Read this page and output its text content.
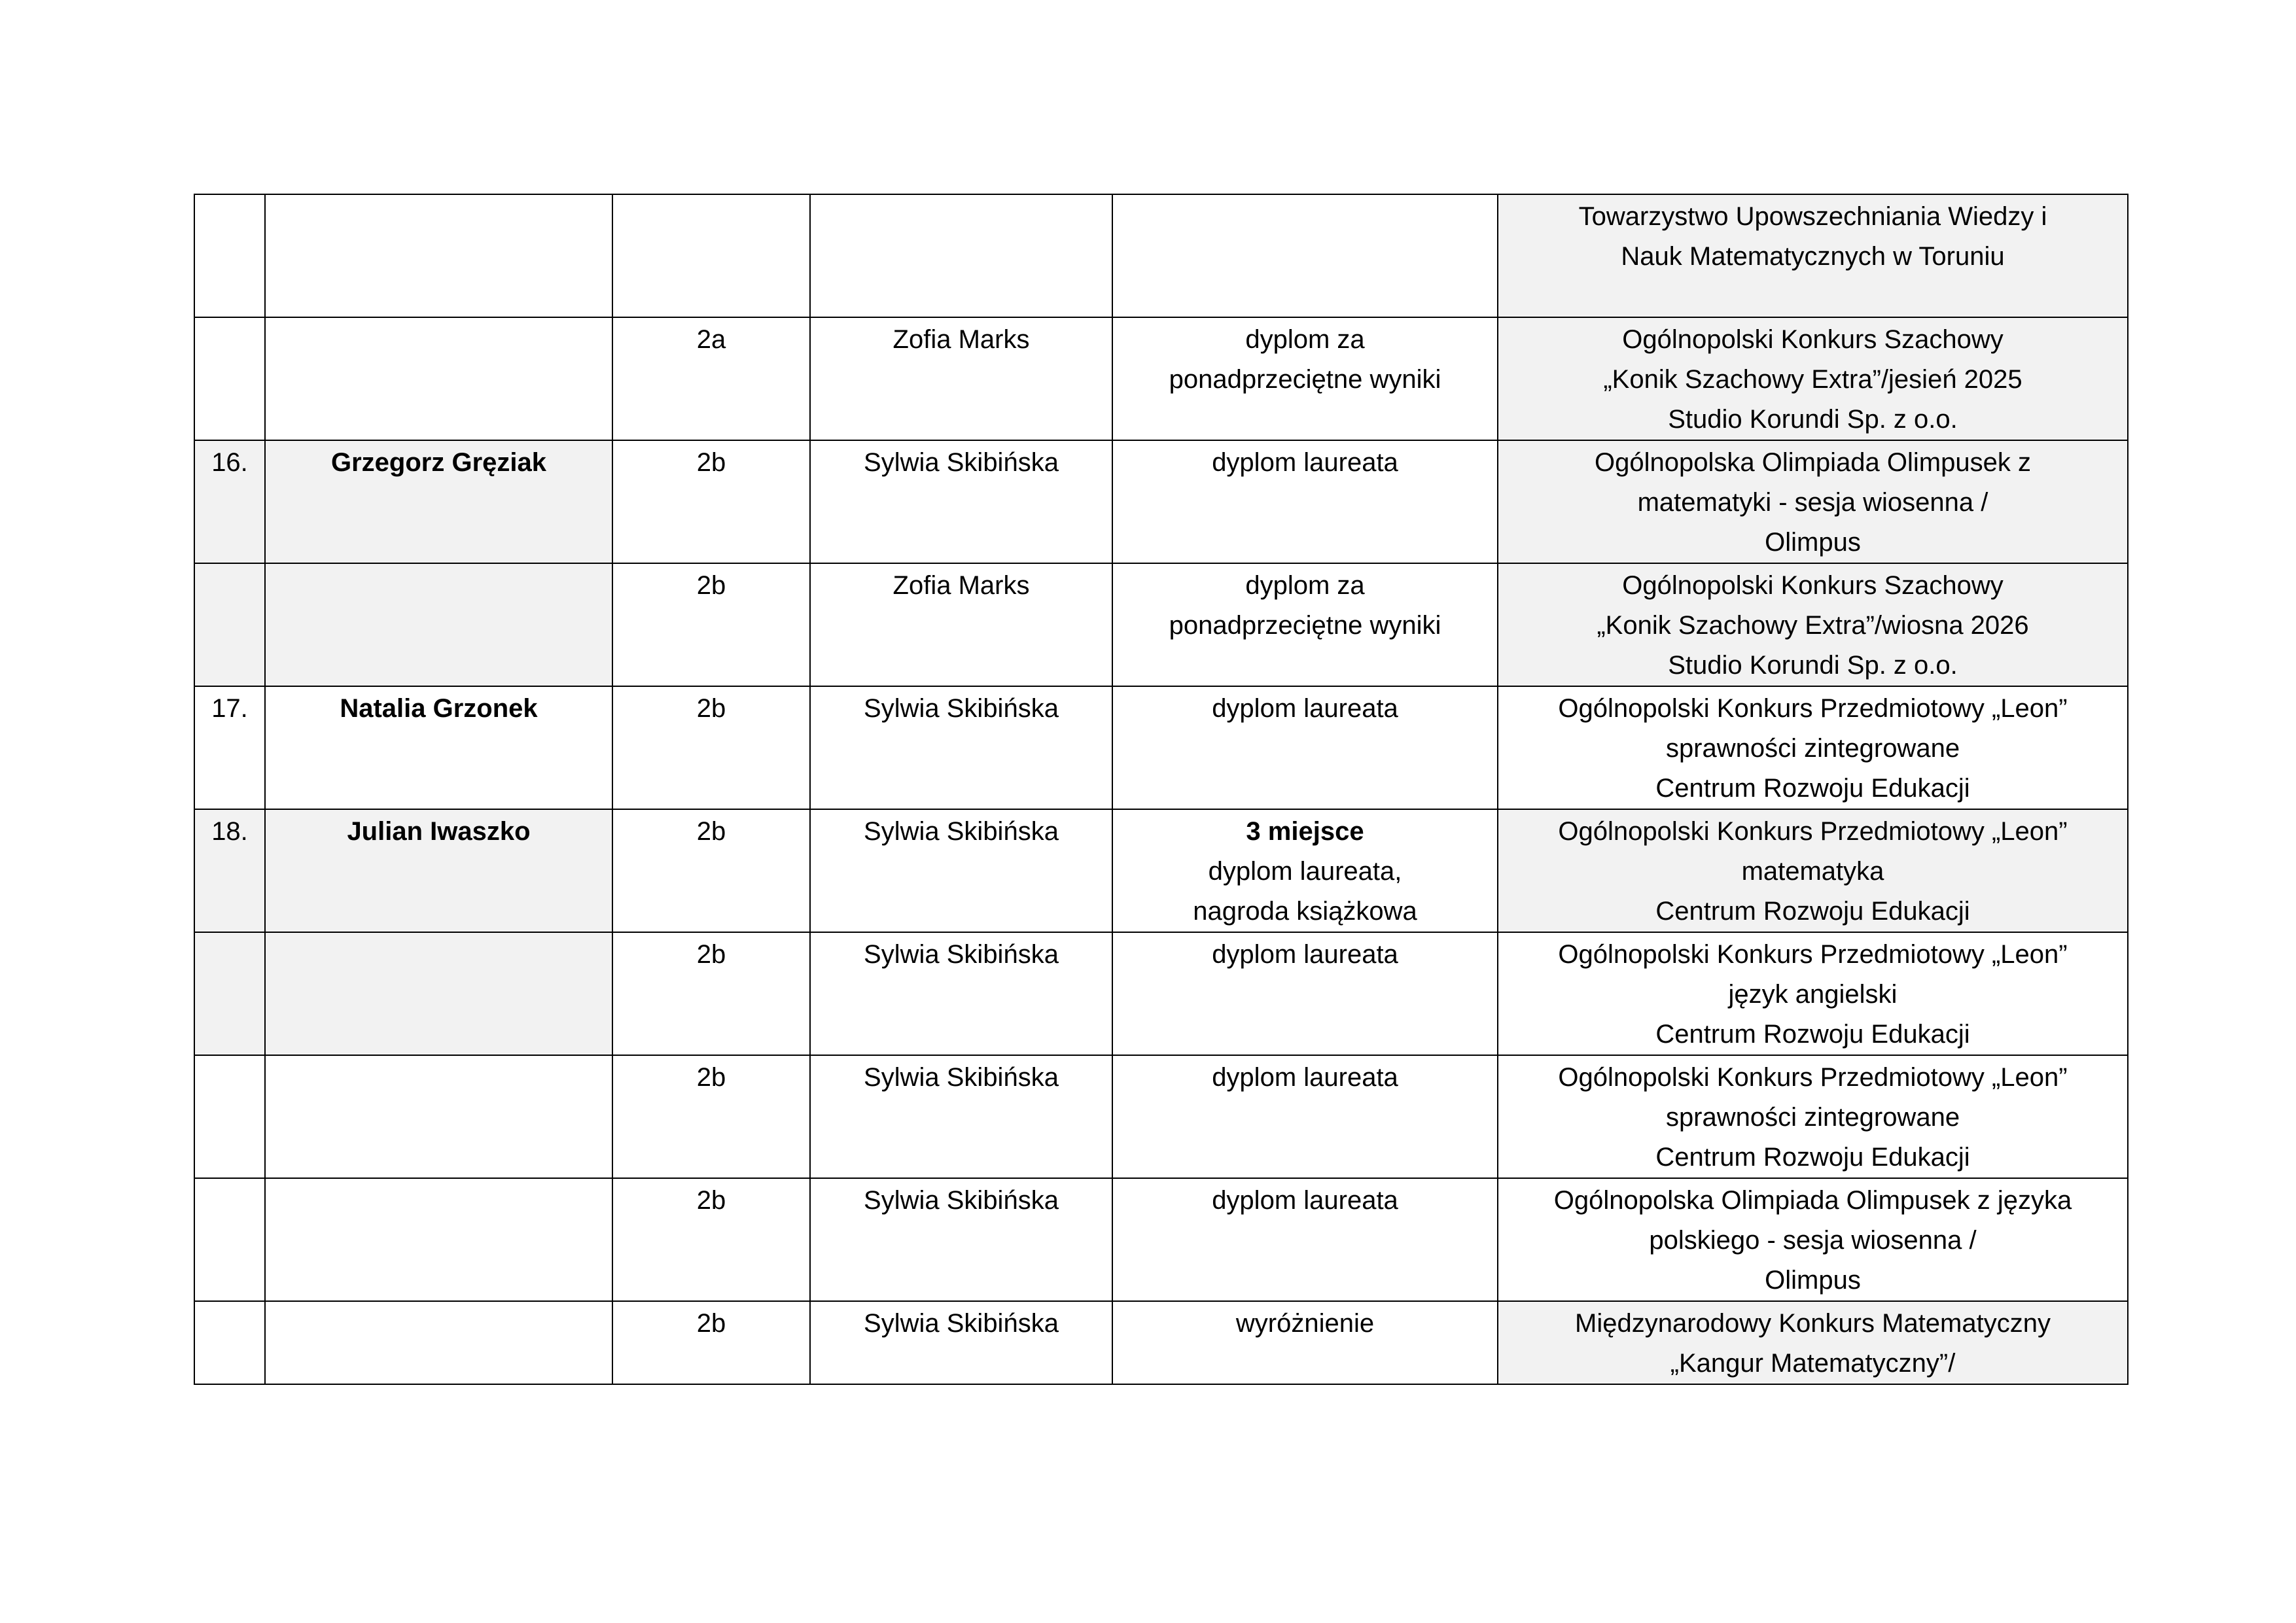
					Towarzystwo Upowszechniania Wiedzy i
Nauk Matematycznych w Toruniu

		2a	Zofia Marks	dyplom za
ponadprzeciętne wyniki	Ogólnopolski Konkurs Szachowy
„Konik Szachowy Extra”/jesień 2025
Studio Korundi Sp. z o.o.

16.	Grzegorz Gręziak	2b	Sylwia Skibińska	dyplom laureata	Ogólnopolska Olimpiada Olimpusek z
matematyki - sesja wiosenna /
Olimpus

		2b	Zofia Marks	dyplom za
ponadprzeciętne wyniki	Ogólnopolski Konkurs Szachowy
„Konik Szachowy Extra”/wiosna 2026
Studio Korundi Sp. z o.o.

17.	Natalia Grzonek	2b	Sylwia Skibińska	dyplom laureata	Ogólnopolski Konkurs Przedmiotowy „Leon”
sprawności zintegrowane
Centrum Rozwoju Edukacji

18.	Julian Iwaszko	2b	Sylwia Skibińska	3 miejsce
dyplom laureata,
nagroda książkowa	Ogólnopolski Konkurs Przedmiotowy „Leon”
matematyka
Centrum Rozwoju Edukacji

		2b	Sylwia Skibińska	dyplom laureata	Ogólnopolski Konkurs Przedmiotowy „Leon”
język angielski
Centrum Rozwoju Edukacji

		2b	Sylwia Skibińska	dyplom laureata	Ogólnopolski Konkurs Przedmiotowy „Leon”
sprawności zintegrowane
Centrum Rozwoju Edukacji

		2b	Sylwia Skibińska	dyplom laureata	Ogólnopolska Olimpiada Olimpusek z języka
polskiego - sesja wiosenna /
Olimpus

		2b	Sylwia Skibińska	wyróżnienie	Międzynarodowy Konkurs Matematyczny
„Kangur Matematyczny”/
